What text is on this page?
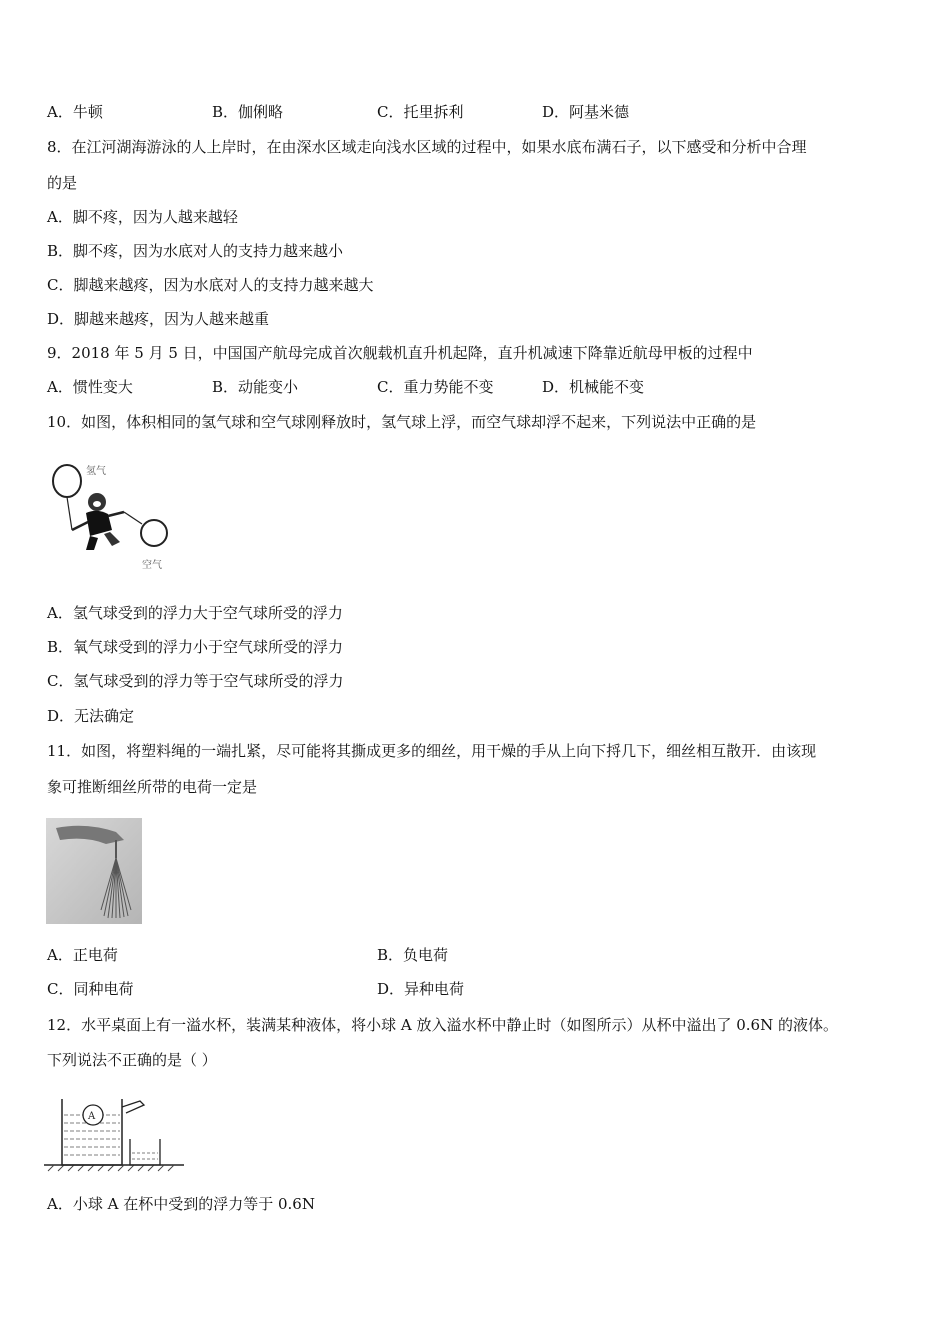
A．牛顿	B．伽俐略	C．托里拆利	D．阿基米德
8．在江河湖海游泳的人上岸时，在由深水区域走向浅水区域的过程中，如果水底布满石子，以下感受和分析中合理
的是
A．脚不疼，因为人越来越轻
B．脚不疼，因为水底对人的支持力越来越小
C．脚越来越疼，因为水底对人的支持力越来越大
D．脚越来越疼，因为人越来越重
9．2018 年 5 月 5 日，中国国产航母完成首次舰载机直升机起降，直升机减速下降靠近航母甲板的过程中
A．惯性变大	B．动能变小	C．重力势能不变	D．机械能不变
10．如图，体积相同的氢气球和空气球刚释放时，氢气球上浮，而空气球却浮不起来，下列说法中正确的是
氢气
空气
A．氢气球受到的浮力大于空气球所受的浮力
B．氧气球受到的浮力小于空气球所受的浮力
C．氢气球受到的浮力等于空气球所受的浮力
D．无法确定
11．如图，将塑料绳的一端扎紧，尽可能将其撕成更多的细丝，用干燥的手从上向下捋几下，细丝相互散开．由该现
象可推断细丝所带的电荷一定是
A．正电荷	B．负电荷
C．同种电荷	D．异种电荷
12．水平桌面上有一溢水杯，装满某种液体，将小球 A 放入溢水杯中静止时（如图所示）从杯中溢出了 0.6N 的液体。
下列说法不正确的是（ ）
A
A．小球 A 在杯中受到的浮力等于 0.6N
